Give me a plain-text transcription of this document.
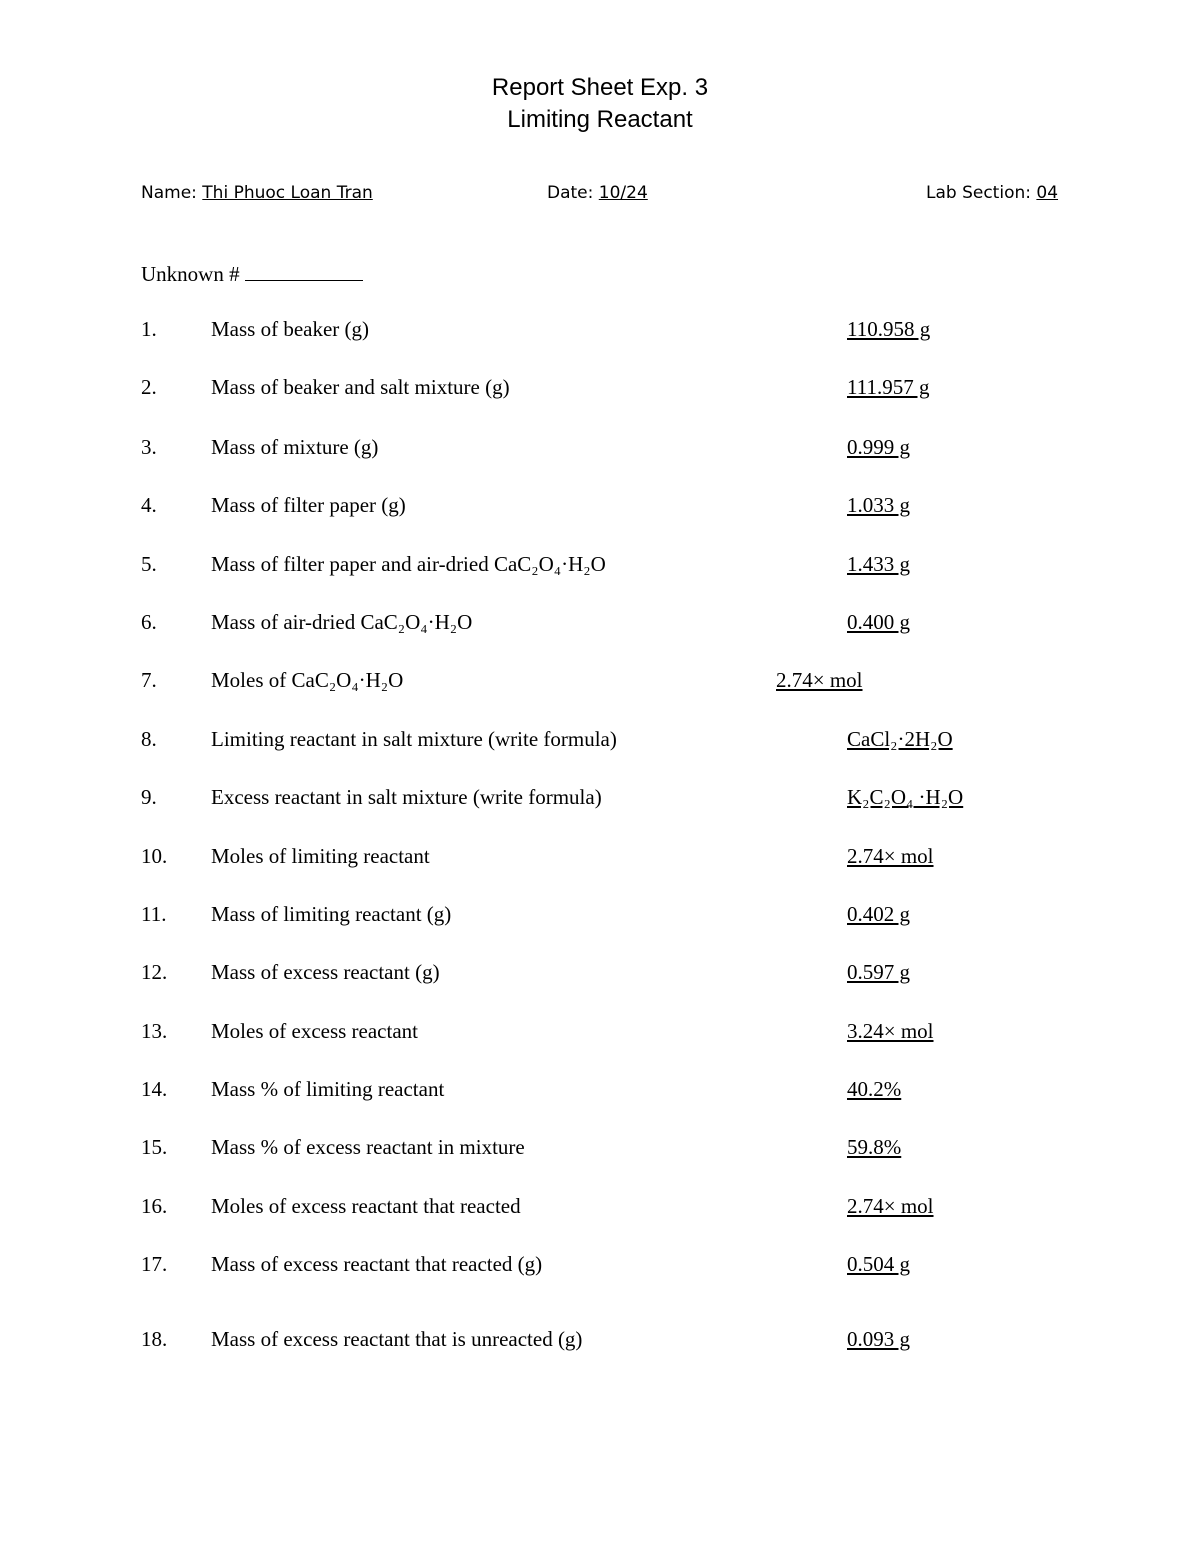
Report Sheet Exp. 3
Limiting Reactant
Name: Thi Phuoc Loan Tran	Date: 10/24	Lab Section: 04
Unknown #
1.	Mass of beaker (g)	110.958 g
2.	Mass of beaker and salt mixture (g)	111.957 g
3.	Mass of mixture (g)	0.999 g
4.	Mass of filter paper (g)	1.033 g
5.	Mass of filter paper and air-dried CaC₂O₄·H₂O	1.433 g
6.	Mass of air-dried CaC₂O₄·H₂O	0.400 g
7.	Moles of CaC₂O₄·H₂O	2.74× mol
8.	Limiting reactant in salt mixture (write formula)	CaCl₂·2H₂O
9.	Excess reactant in salt mixture (write formula)	K₂C₂O₄ ·H₂O
10. Moles of limiting reactant	2.74× mol
11. Mass of limiting reactant (g)	0.402 g
12. Mass of excess reactant (g)	0.597 g
13. Moles of excess reactant	3.24× mol
14. Mass % of limiting reactant	40.2%
15. Mass % of excess reactant in mixture	59.8%
16. Moles of excess reactant that reacted	2.74× mol
17. Mass of excess reactant that reacted (g)	0.504 g
18. Mass of excess reactant that is unreacted (g)	0.093 g
